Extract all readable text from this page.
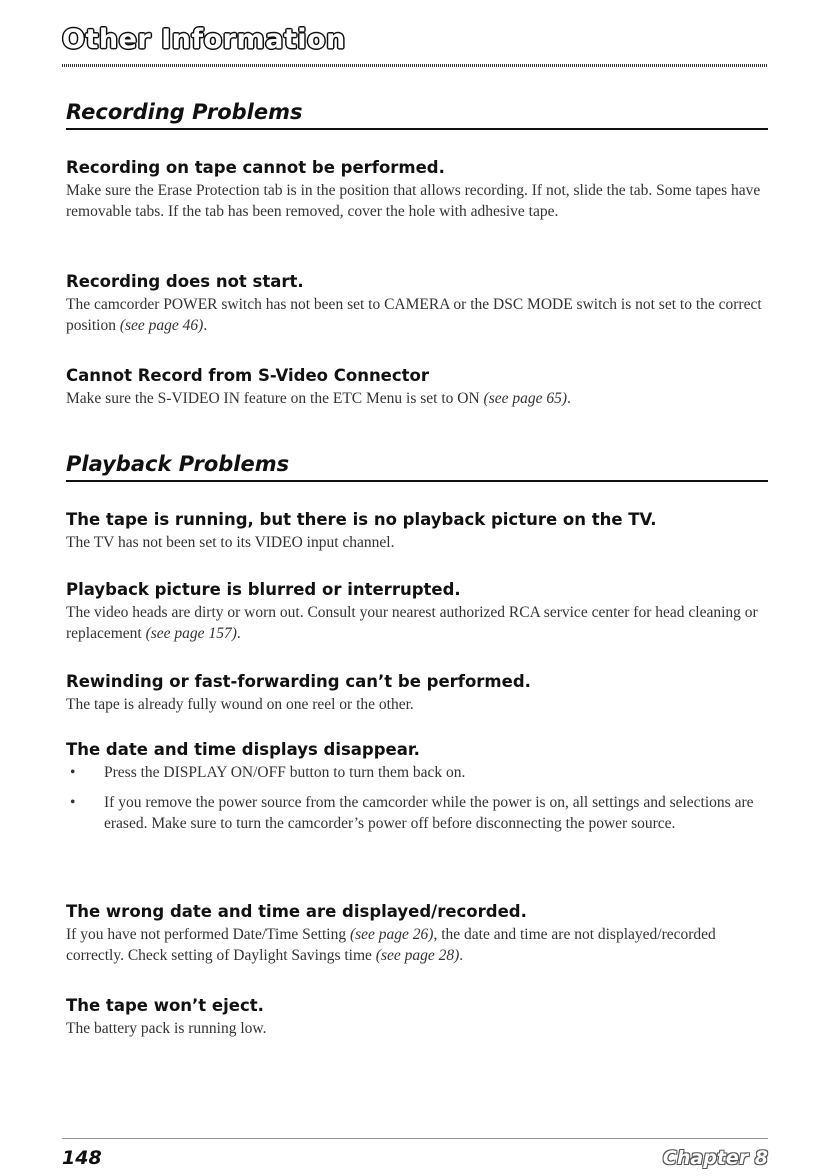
Other Information
Recording Problems
Recording on tape cannot be performed.

Make sure the Erase Protection tab is in the position that allows recording. If not, slide the tab. Some tapes have removable tabs. If the tab has been removed, cover the hole with adhesive tape.

Recording does not start.

The camcorder POWER switch has not been set to CAMERA or the DSC MODE switch is not set to the correct position (see page 46).

Cannot Record from S-Video Connector

Make sure the S-VIDEO IN feature on the ETC Menu is set to ON (see page 65).

Playback Problems
The tape is running, but there is no playback picture on the TV.

The TV has not been set to its VIDEO input channel.

Playback picture is blurred or interrupted.

The video heads are dirty or worn out. Consult your nearest authorized RCA service center for head cleaning or replacement (see page 157).

Rewinding or fast-forwarding can’t be performed.

The tape is already fully wound on one reel or the other.

The date and time displays disappear.
• Press the DISPLAY ON/OFF button to turn them back on.
• If you remove the power source from the camcorder while the power is on, all settings and selections are erased. Make sure to turn the camcorder’s power off before disconnecting the power source.
The wrong date and time are displayed/recorded.

If you have not performed Date/Time Setting (see page 26), the date and time are not displayed/recorded correctly. Check setting of Daylight Savings time (see page 28).

The tape won’t eject.

The battery pack is running low.

148	Chapter 8
